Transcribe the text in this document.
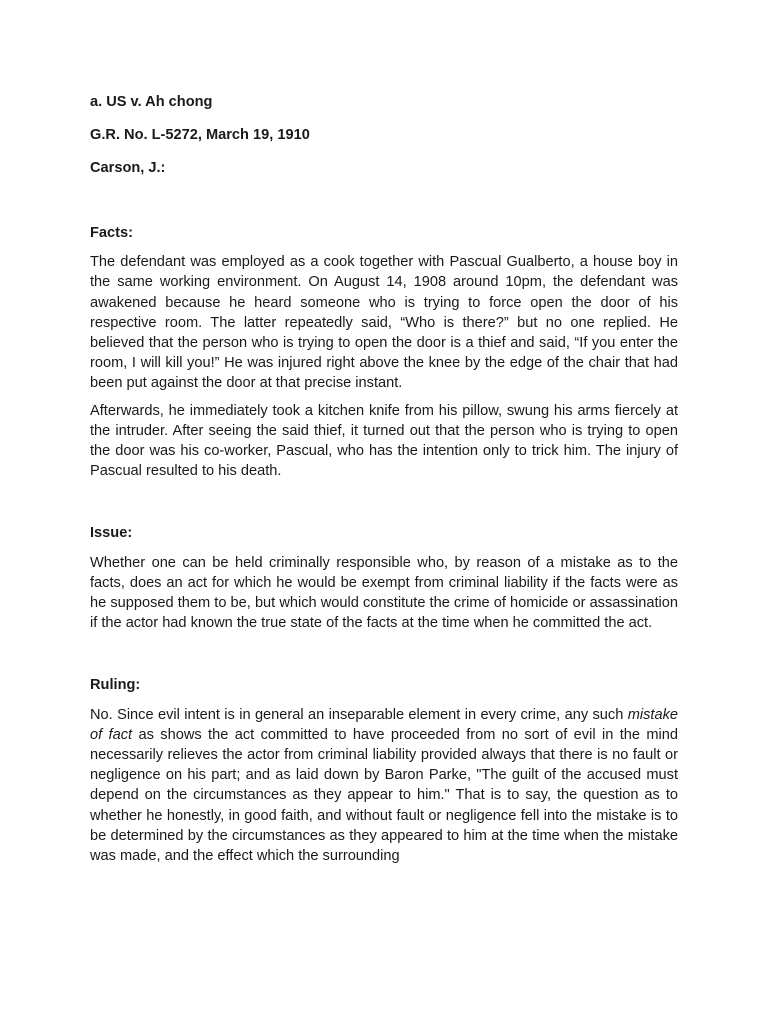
a. US v. Ah chong

G.R. No. L-5272, March 19, 1910

Carson, J.:

Facts:

The defendant was employed as a cook together with Pascual Gualberto, a house boy in the same working environment. On August 14, 1908 around 10pm, the defendant was awakened because he heard someone who is trying to force open the door of his respective room. The latter repeatedly said, “Who is there?” but no one replied. He believed that the person who is trying to open the door is a thief and said, “If you enter the room, I will kill you!” He was injured right above the knee by the edge of the chair that had been put against the door at that precise instant.

Afterwards, he immediately took a kitchen knife from his pillow, swung his arms fiercely at the intruder. After seeing the said thief, it turned out that the person who is trying to open the door was his co-worker, Pascual, who has the intention only to trick him. The injury of Pascual resulted to his death.

Issue:

Whether one can be held criminally responsible who, by reason of a mistake as to the facts, does an act for which he would be exempt from criminal liability if the facts were as he supposed them to be, but which would constitute the crime of homicide or assassination if the actor had known the true state of the facts at the time when he committed the act.

Ruling:

No. Since evil intent is in general an inseparable element in every crime, any such mistake of fact as shows the act committed to have proceeded from no sort of evil in the mind necessarily relieves the actor from criminal liability provided always that there is no fault or negligence on his part; and as laid down by Baron Parke, "The guilt of the accused must depend on the circumstances as they appear to him." That is to say, the question as to whether he honestly, in good faith, and without fault or negligence fell into the mistake is to be determined by the circumstances as they appeared to him at the time when the mistake was made, and the effect which the surrounding
